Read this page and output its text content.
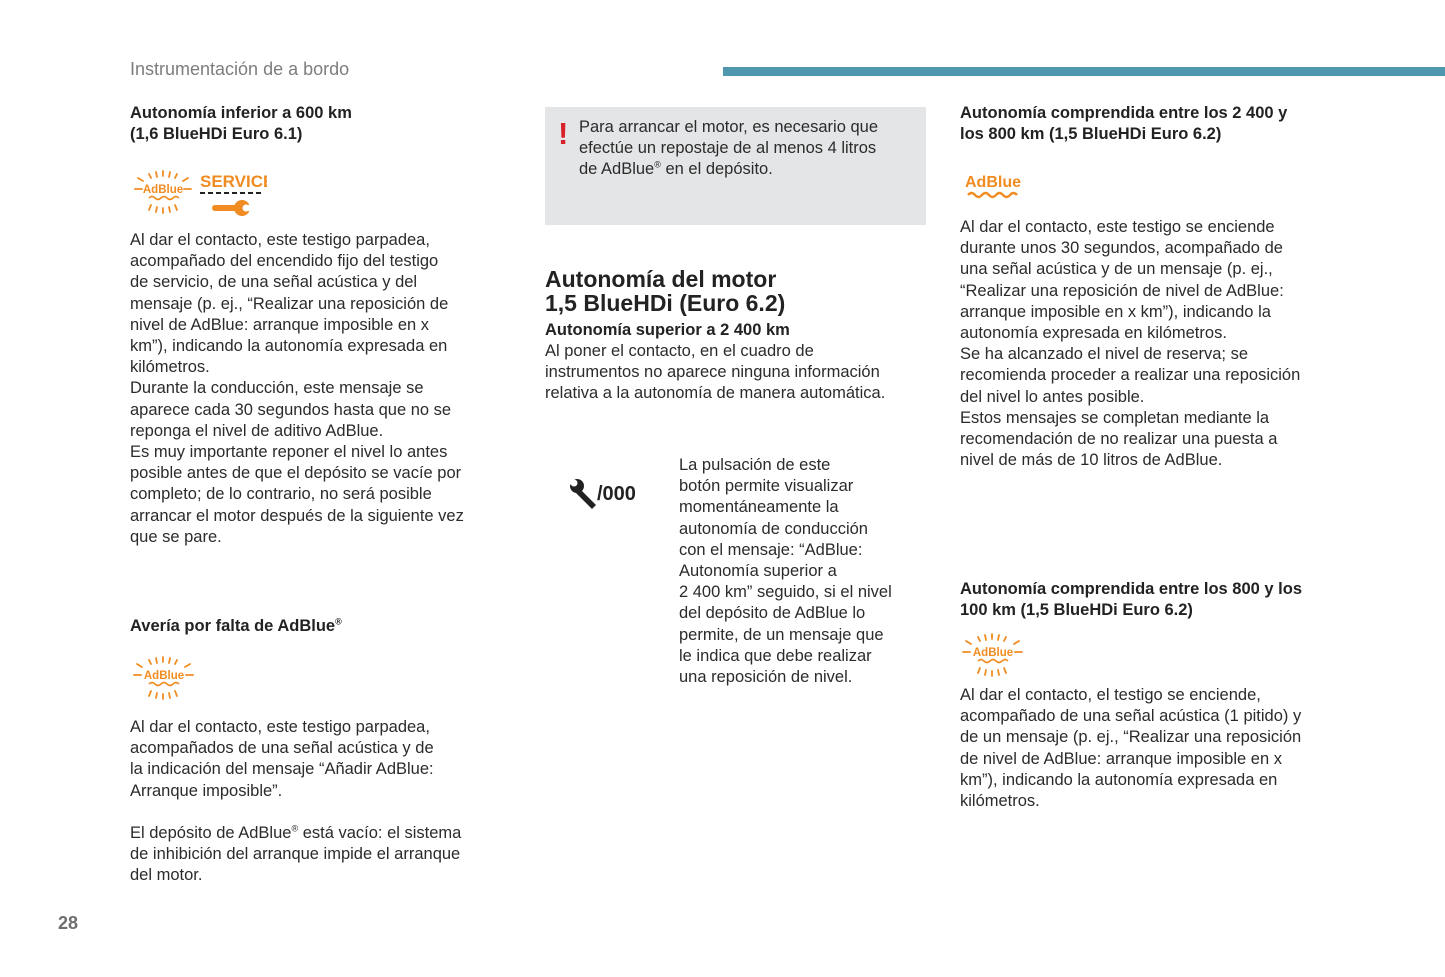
Instrumentación de a bordo
Autonomía inferior a 600 km
(1,6 BlueHDi Euro 6.1)
AdBlue SERVICE
Al dar el contacto, este testigo parpadea,
acompañado del encendido fijo del testigo
de servicio, de una señal acústica y del
mensaje (p. ej., “Realizar una reposición de
nivel de AdBlue: arranque imposible en x
km”), indicando la autonomía expresada en
kilómetros.
Durante la conducción, este mensaje se
aparece cada 30 segundos hasta que no se
reponga el nivel de aditivo AdBlue.
Es muy importante reponer el nivel lo antes
posible antes de que el depósito se vacíe por
completo; de lo contrario, no será posible
arrancar el motor después de la siguiente vez
que se pare.
Avería por falta de AdBlue®
AdBlue
Al dar el contacto, este testigo parpadea,
acompañados de una señal acústica y de
la indicación del mensaje “Añadir AdBlue:
Arranque imposible”.
El depósito de AdBlue® está vacío: el sistema
de inhibición del arranque impide el arranque
del motor.
! Para arrancar el motor, es necesario que
efectúe un repostaje de al menos 4 litros
de AdBlue® en el depósito.
Autonomía del motor
1,5 BlueHDi (Euro 6.2)
Autonomía superior a 2 400 km
Al poner el contacto, en el cuadro de
instrumentos no aparece ninguna información
relativa a la autonomía de manera automática.
/000
La pulsación de este
botón permite visualizar
momentáneamente la
autonomía de conducción
con el mensaje: “AdBlue:
Autonomía superior a
2 400 km” seguido, si el nivel
del depósito de AdBlue lo
permite, de un mensaje que
le indica que debe realizar
una reposición de nivel.
Autonomía comprendida entre los 2 400 y
los 800 km (1,5 BlueHDi Euro 6.2)
AdBlue
Al dar el contacto, este testigo se enciende
durante unos 30 segundos, acompañado de
una señal acústica y de un mensaje (p. ej.,
“Realizar una reposición de nivel de AdBlue:
arranque imposible en x km”), indicando la
autonomía expresada en kilómetros.
Se ha alcanzado el nivel de reserva; se
recomienda proceder a realizar una reposición
del nivel lo antes posible.
Estos mensajes se completan mediante la
recomendación de no realizar una puesta a
nivel de más de 10 litros de AdBlue.
Autonomía comprendida entre los 800 y los
100 km (1,5 BlueHDi Euro 6.2)
AdBlue
Al dar el contacto, el testigo se enciende,
acompañado de una señal acústica (1 pitido) y
de un mensaje (p. ej., “Realizar una reposición
de nivel de AdBlue: arranque imposible en x
km”), indicando la autonomía expresada en
kilómetros.
28
